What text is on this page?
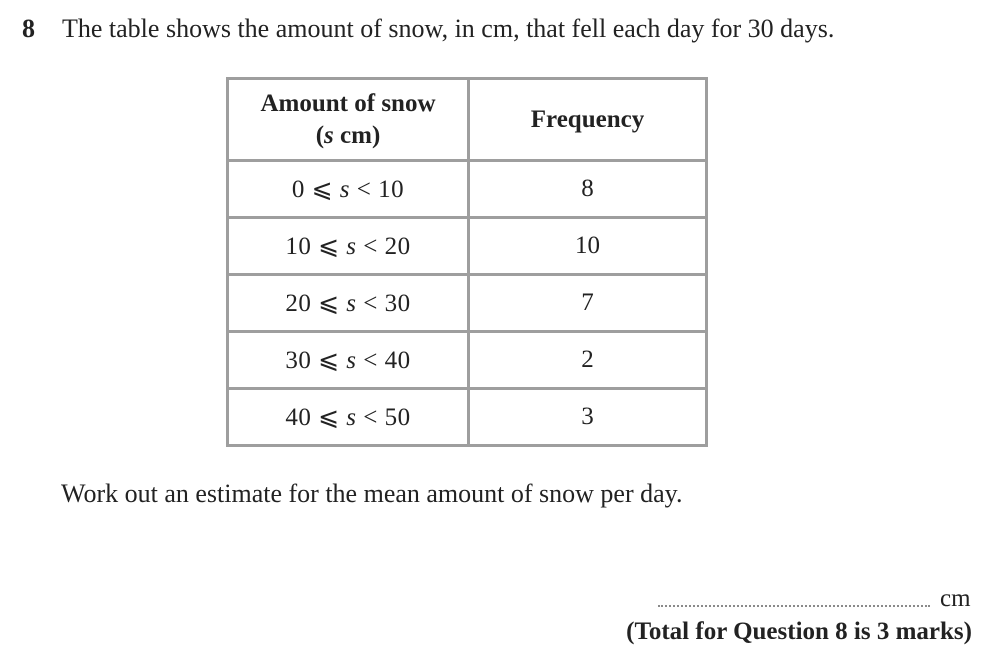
8 The table shows the amount of snow, in cm, that fell each day for 30 days.
Amount of snow
(s cm)	Frequency
0 ⩽ s < 10	8
10 ⩽ s < 20	10
20 ⩽ s < 30	7
30 ⩽ s < 40	2
40 ⩽ s < 50	3
Work out an estimate for the mean amount of snow per day.
cm
(Total for Question 8 is 3 marks)
